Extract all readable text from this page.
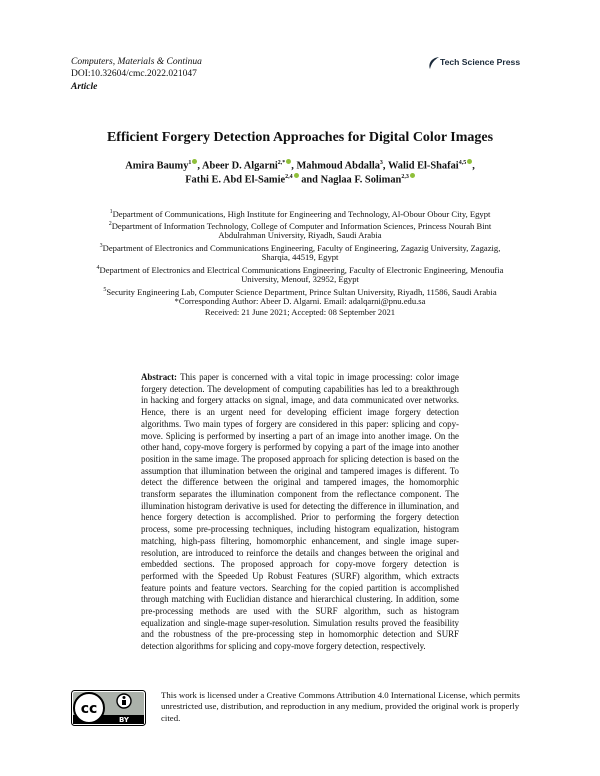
Computers, Materials & Continua
DOI:10.32604/cmc.2022.021047
Article
Tech Science Press
Efficient Forgery Detection Approaches for Digital Color Images
Amira Baumy$^1$ , Abeer D. Algarni$^{2,*}$ , Mahmoud Abdalla$^3$, Walid El-Shafai$^{4,5}$ ,
Fathi E. Abd El-Samie$^{2,4}$ and Naglaa F. Soliman$^{2,3}$
$^1$Department of Communications, High Institute for Engineering and Technology, Al-Obour Obour City, Egypt
$^2$Department of Information Technology, College of Computer and Information Sciences, Princess Nourah Bint
Abdulrahman University, Riyadh, Saudi Arabia
$^3$Department of Electronics and Communications Engineering, Faculty of Engineering, Zagazig University, Zagazig,
Sharqia, 44519, Egypt
$^4$Department of Electronics and Electrical Communications Engineering, Faculty of Electronic Engineering, Menoufia
University, Menouf, 32952, Egypt
$^5$Security Engineering Lab, Computer Science Department, Prince Sultan University, Riyadh, 11586, Saudi Arabia
*Corresponding Author: Abeer D. Algarni. Email: adalqarni@pnu.edu.sa
Received: 21 June 2021; Accepted: 08 September 2021
Abstract: This paper is concerned with a vital topic in image processing: color image forgery detection. The development of computing capabilities has led to a breakthrough in hacking and forgery attacks on signal, image, and data communicated over networks. Hence, there is an urgent need for developing efficient image forgery detection algorithms. Two main types of forgery are considered in this paper: splicing and copy-move. Splicing is performed by inserting a part of an image into another image. On the other hand, copy-move forgery is performed by copying a part of the image into another position in the same image. The proposed approach for splicing detection is based on the assumption that illumination between the original and tampered images is different. To detect the difference between the original and tampered images, the homomorphic transform separates the illumination component from the reflectance component. The illumination histogram derivative is used for detecting the difference in illumination, and hence forgery detection is accomplished. Prior to performing the forgery detection process, some pre-processing techniques, including histogram equalization, histogram matching, high-pass filtering, homomorphic enhancement, and single image super-resolution, are introduced to reinforce the details and changes between the original and embedded sections. The proposed approach for copy-move forgery detection is performed with the Speeded Up Robust Features (SURF) algorithm, which extracts feature points and feature vectors. Searching for the copied partition is accomplished through matching with Euclidian distance and hierarchical clustering. In addition, some pre-processing methods are used with the SURF algorithm, such as histogram equalization and single-mage super-resolution. Simulation results proved the feasibility and the robustness of the pre-processing step in homomorphic detection and SURF detection algorithms for splicing and copy-move forgery detection, respectively.
cc
BY
This work is licensed under a Creative Commons Attribution 4.0 International License, which permits unrestricted use, distribution, and reproduction in any medium, provided the original work is properly cited.
